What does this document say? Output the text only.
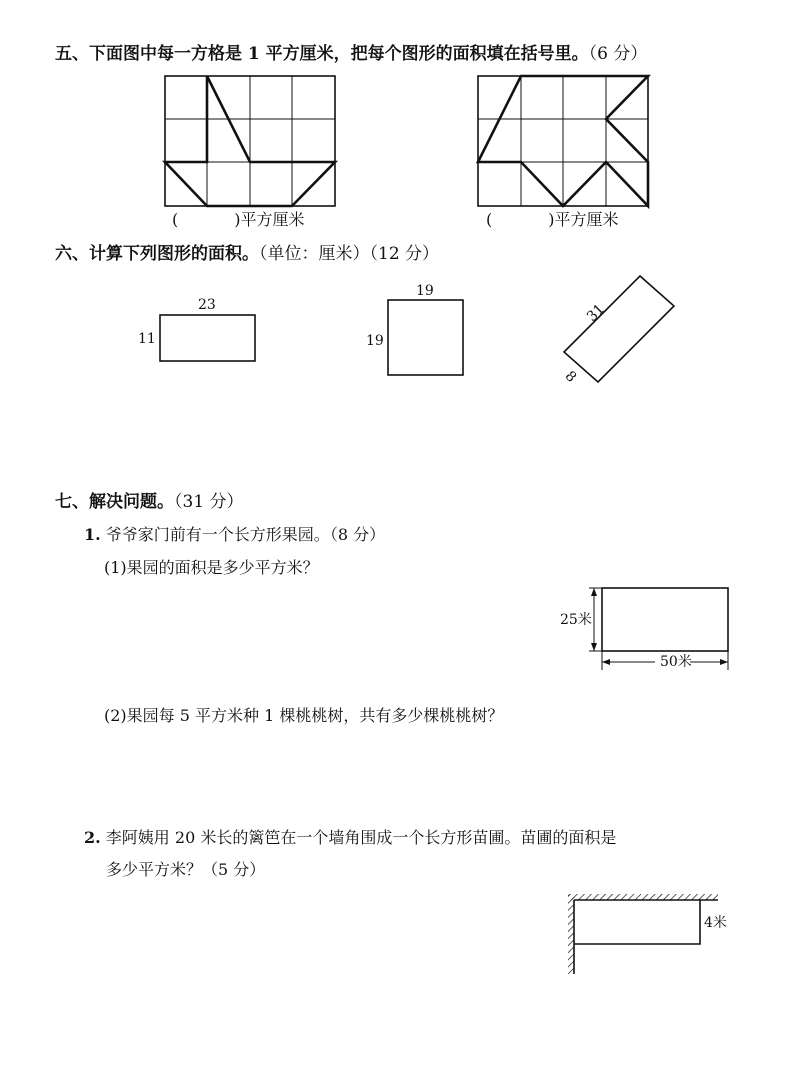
五、下面图中每一方格是 1 平方厘米，把每个图形的面积填在括号里。（6 分）
(	)平方厘米	(	)平方厘米
六、计算下列图形的面积。（单位：厘米）（12 分）
23
11
19
19
31
8
七、解决问题。（31 分）
1. 爷爷家门前有一个长方形果园。（8 分）
(1)果园的面积是多少平方米？
25米
50米
(2)果园每 5 平方米种 1 棵桃桃树，共有多少棵桃桃树？
2. 李阿姨用 20 米长的篱笆在一个墙角围成一个长方形苗圃。苗圃的面积是
多少平方米？（5 分）
4米
